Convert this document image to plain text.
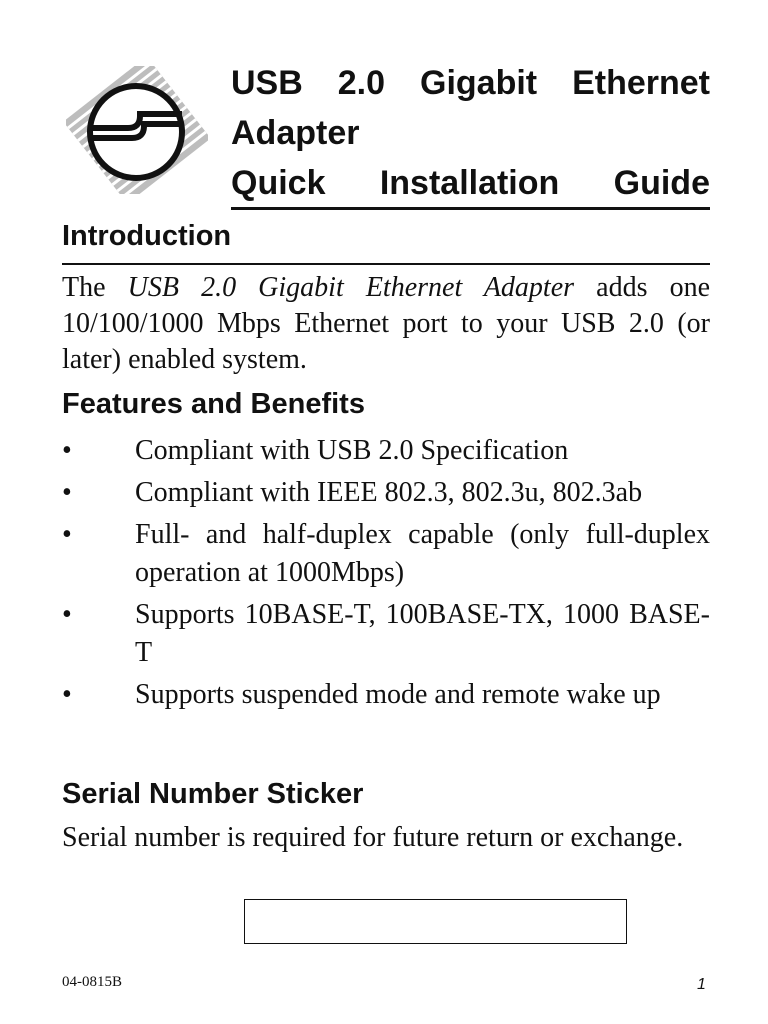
USB 2.0 Gigabit Ethernet
Adapter
Quick Installation Guide
Introduction
The USB 2.0 Gigabit Ethernet Adapter adds one 10/100/1000 Mbps Ethernet port to your USB 2.0 (or later) enabled system.
Features and Benefits
•	Compliant with USB 2.0 Specification
•	Compliant with IEEE 802.3, 802.3u, 802.3ab
•	Full- and half-duplex capable (only full-duplex operation at 1000Mbps)
•	Supports 10BASE-T, 100BASE-TX, 1000 BASE-T
•	Supports suspended mode and remote wake up
Serial Number Sticker
Serial number is required for future return or exchange.
04-0815B	1
